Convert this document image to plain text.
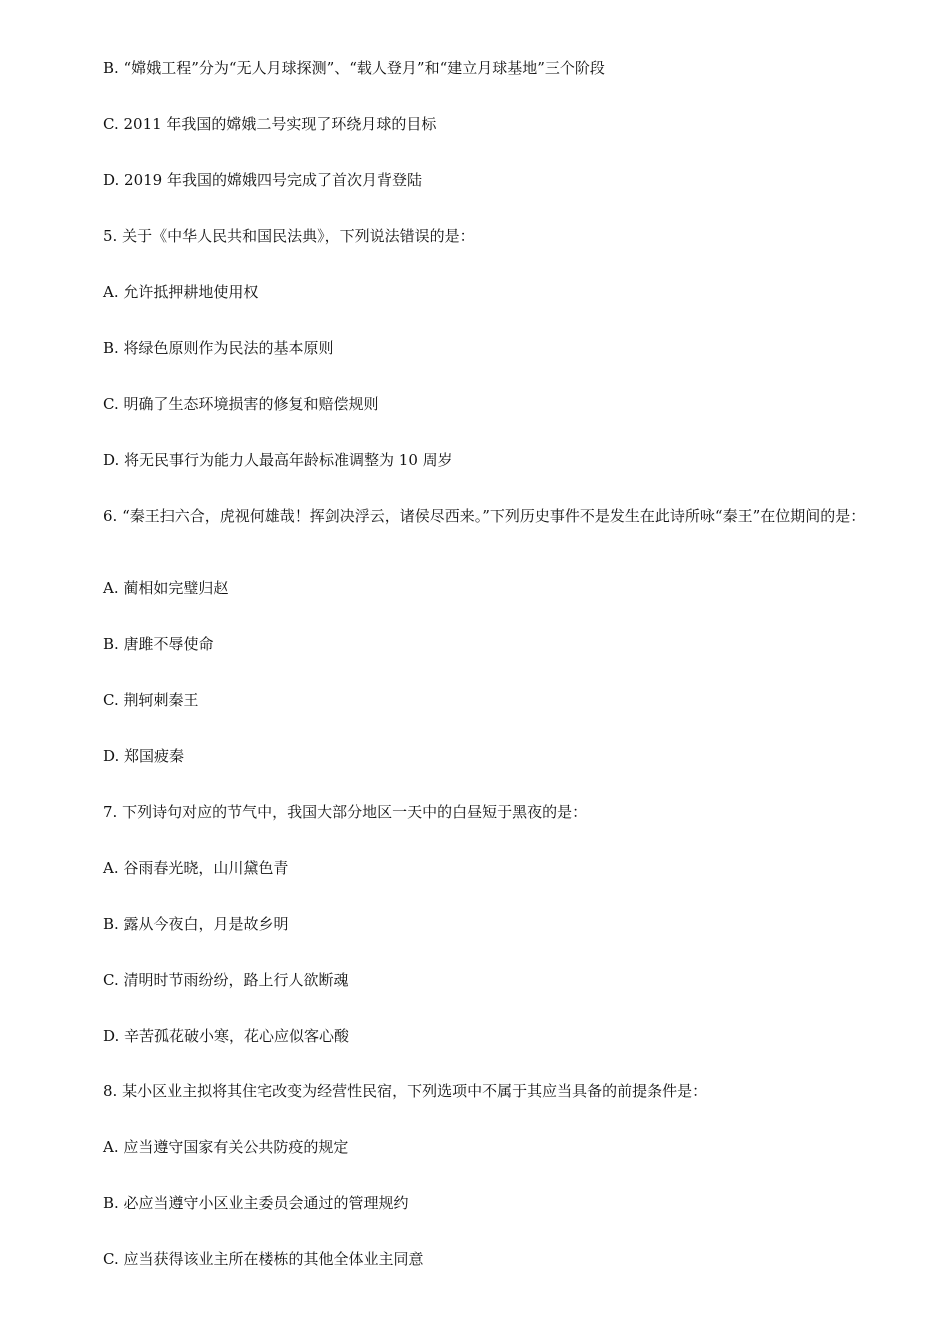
B. “嫦娥工程”分为“无人月球探测”、“载人登月”和“建立月球基地”三个阶段
C. 2011 年我国的嫦娥二号实现了环绕月球的目标
D. 2019 年我国的嫦娥四号完成了首次月背登陆
5. 关于《中华人民共和国民法典》，下列说法错误的是：
A. 允许抵押耕地使用权
B. 将绿色原则作为民法的基本原则
C. 明确了生态环境损害的修复和赔偿规则
D. 将无民事行为能力人最高年龄标准调整为 10 周岁
6. “秦王扫六合，虎视何雄哉！挥剑决浮云，诸侯尽西来。”下列历史事件不是发生在此诗所咏“秦王”在位期间的是：
A. 蔺相如完璧归赵
B. 唐雎不辱使命
C. 荆轲刺秦王
D. 郑国疲秦
7. 下列诗句对应的节气中，我国大部分地区一天中的白昼短于黑夜的是：
A. 谷雨春光晓，山川黛色青
B. 露从今夜白，月是故乡明
C. 清明时节雨纷纷，路上行人欲断魂
D. 辛苦孤花破小寒，花心应似客心酸
8. 某小区业主拟将其住宅改变为经营性民宿，下列选项中不属于其应当具备的前提条件是：
A. 应当遵守国家有关公共防疫的规定
B. 必应当遵守小区业主委员会通过的管理规约
C. 应当获得该业主所在楼栋的其他全体业主同意
